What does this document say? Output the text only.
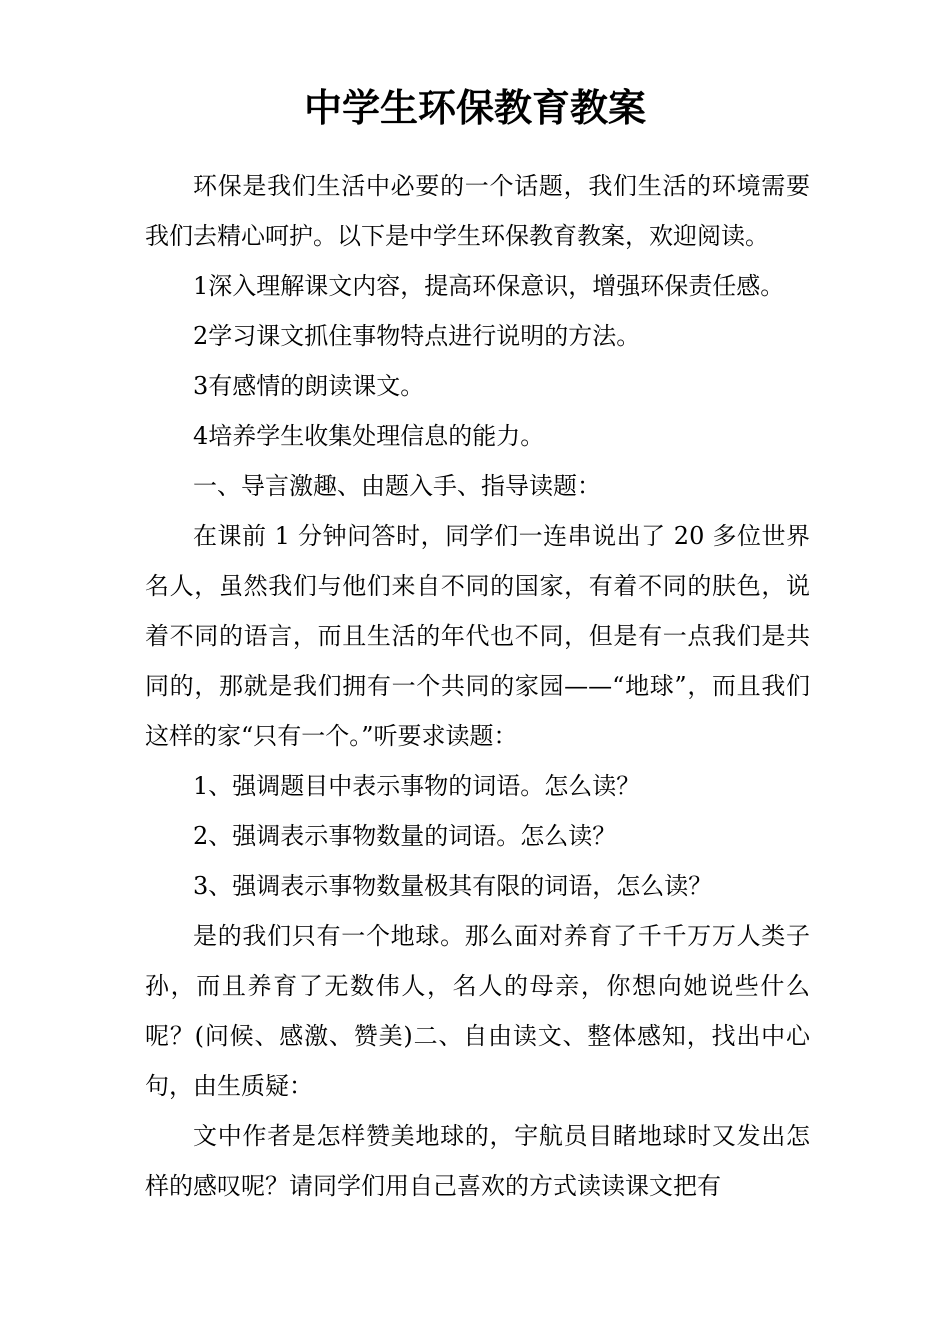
中学生环保教育教案

环保是我们生活中必要的一个话题，我们生活的环境需要我们去精心呵护。以下是中学生环保教育教案，欢迎阅读。

1深入理解课文内容，提高环保意识，增强环保责任感。

2学习课文抓住事物特点进行说明的方法。

3有感情的朗读课文。

4培养学生收集处理信息的能力。

一、导言激趣、由题入手、指导读题：

在课前 1 分钟问答时，同学们一连串说出了 20 多位世界名人，虽然我们与他们来自不同的国家，有着不同的肤色，说着不同的语言，而且生活的年代也不同，但是有一点我们是共同的，那就是我们拥有一个共同的家园——“地球”，而且我们这样的家“只有一个。”听要求读题：

1、强调题目中表示事物的词语。怎么读？

2、强调表示事物数量的词语。怎么读？

3、强调表示事物数量极其有限的词语，怎么读？

是的我们只有一个地球。那么面对养育了千千万万人类子孙，而且养育了无数伟人，名人的母亲，你想向她说些什么呢？(问候、感激、赞美)二、自由读文、整体感知，找出中心句，由生质疑：

文中作者是怎样赞美地球的，宇航员目睹地球时又发出怎样的感叹呢？请同学们用自己喜欢的方式读读课文把有
